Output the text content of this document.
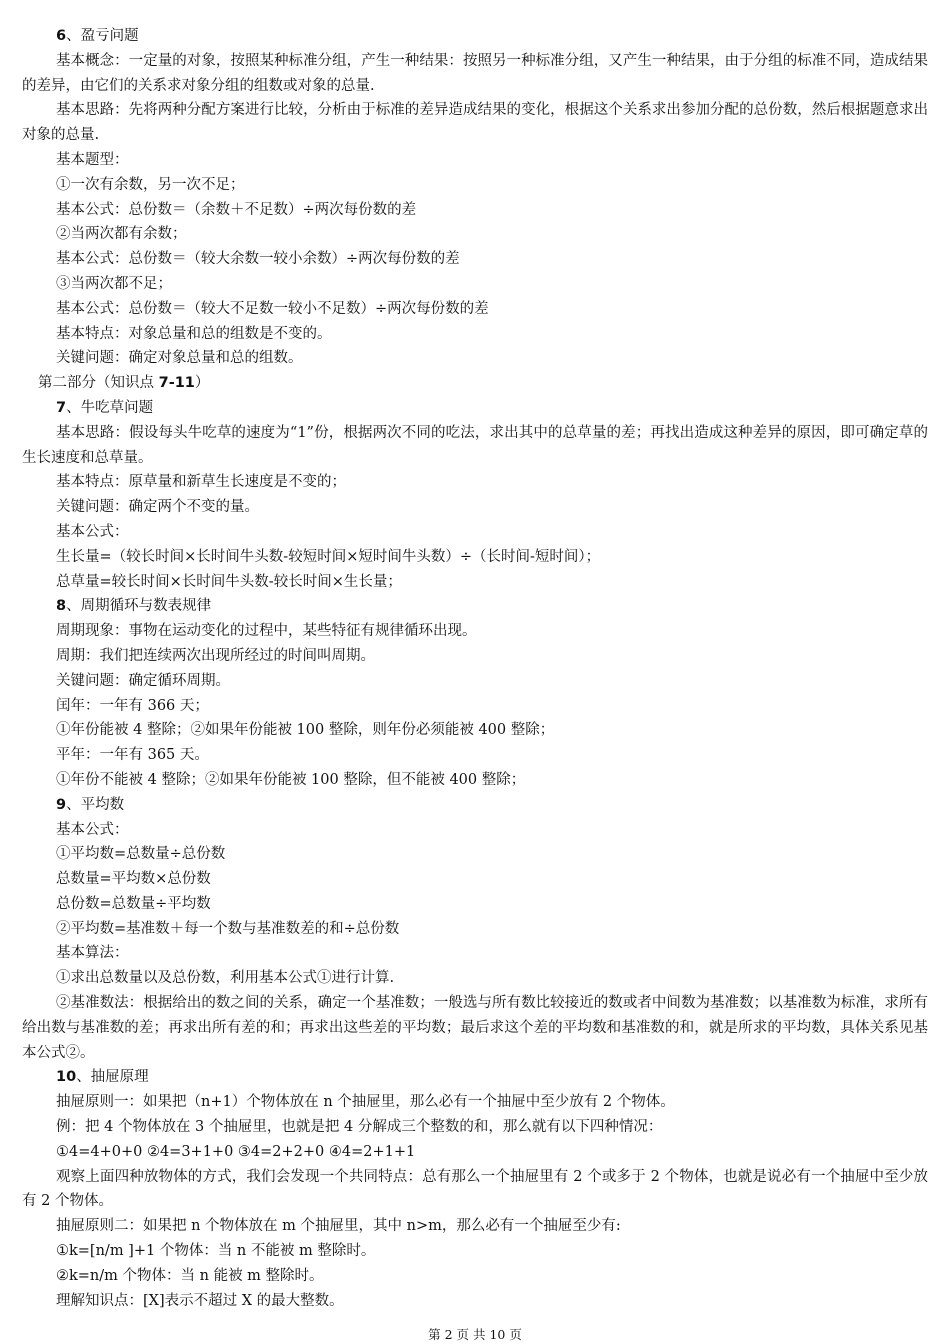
6、盈亏问题
基本概念：一定量的对象，按照某种标准分组，产生一种结果：按照另一种标准分组，又产生一种结果，由于分组的标准不同，造成结果的差异，由它们的关系求对象分组的组数或对象的总量.
基本思路：先将两种分配方案进行比较，分析由于标准的差异造成结果的变化，根据这个关系求出参加分配的总份数，然后根据题意求出对象的总量.
基本题型：
①一次有余数，另一次不足；
基本公式：总份数＝（余数＋不足数）÷两次每份数的差
②当两次都有余数；
基本公式：总份数＝（较大余数一较小余数）÷两次每份数的差
③当两次都不足；
基本公式：总份数＝（较大不足数一较小不足数）÷两次每份数的差
基本特点：对象总量和总的组数是不变的。
关键问题：确定对象总量和总的组数。
第二部分（知识点 7-11）
7、牛吃草问题
基本思路：假设每头牛吃草的速度为“1”份，根据两次不同的吃法，求出其中的总草量的差；再找出造成这种差异的原因，即可确定草的生长速度和总草量。
基本特点：原草量和新草生长速度是不变的；
关键问题：确定两个不变的量。
基本公式：
生长量=（较长时间×长时间牛头数-较短时间×短时间牛头数）÷（长时间-短时间）；
总草量=较长时间×长时间牛头数-较长时间×生长量；
8、周期循环与数表规律
周期现象：事物在运动变化的过程中，某些特征有规律循环出现。
周期：我们把连续两次出现所经过的时间叫周期。
关键问题：确定循环周期。
闰年：一年有 366 天；
①年份能被 4 整除；②如果年份能被 100 整除，则年份必须能被 400 整除；
平年：一年有 365 天。
①年份不能被 4 整除；②如果年份能被 100 整除，但不能被 400 整除；
9、平均数
基本公式：
①平均数=总数量÷总份数
总数量=平均数×总份数
总份数=总数量÷平均数
②平均数=基准数＋每一个数与基准数差的和÷总份数
基本算法：
①求出总数量以及总份数，利用基本公式①进行计算.
②基准数法：根据给出的数之间的关系，确定一个基准数；一般选与所有数比较接近的数或者中间数为基准数；以基准数为标准，求所有给出数与基准数的差；再求出所有差的和；再求出这些差的平均数；最后求这个差的平均数和基准数的和，就是所求的平均数，具体关系见基本公式②。
10、抽屉原理
抽屉原则一：如果把（n+1）个物体放在 n 个抽屉里，那么必有一个抽屉中至少放有 2 个物体。
例：把 4 个物体放在 3 个抽屉里，也就是把 4 分解成三个整数的和，那么就有以下四种情况：
①4=4+0+0 ②4=3+1+0 ③4=2+2+0 ④4=2+1+1
观察上面四种放物体的方式，我们会发现一个共同特点：总有那么一个抽屉里有 2 个或多于 2 个物体，也就是说必有一个抽屉中至少放有 2 个物体。
抽屉原则二：如果把 n 个物体放在 m 个抽屉里，其中 n>m，那么必有一个抽屉至少有:
①k=[n/m ]+1 个物体：当 n 不能被 m 整除时。
②k=n/m 个物体：当 n 能被 m 整除时。
理解知识点：[X]表示不超过 X 的最大整数。
第 2 页 共 10 页
